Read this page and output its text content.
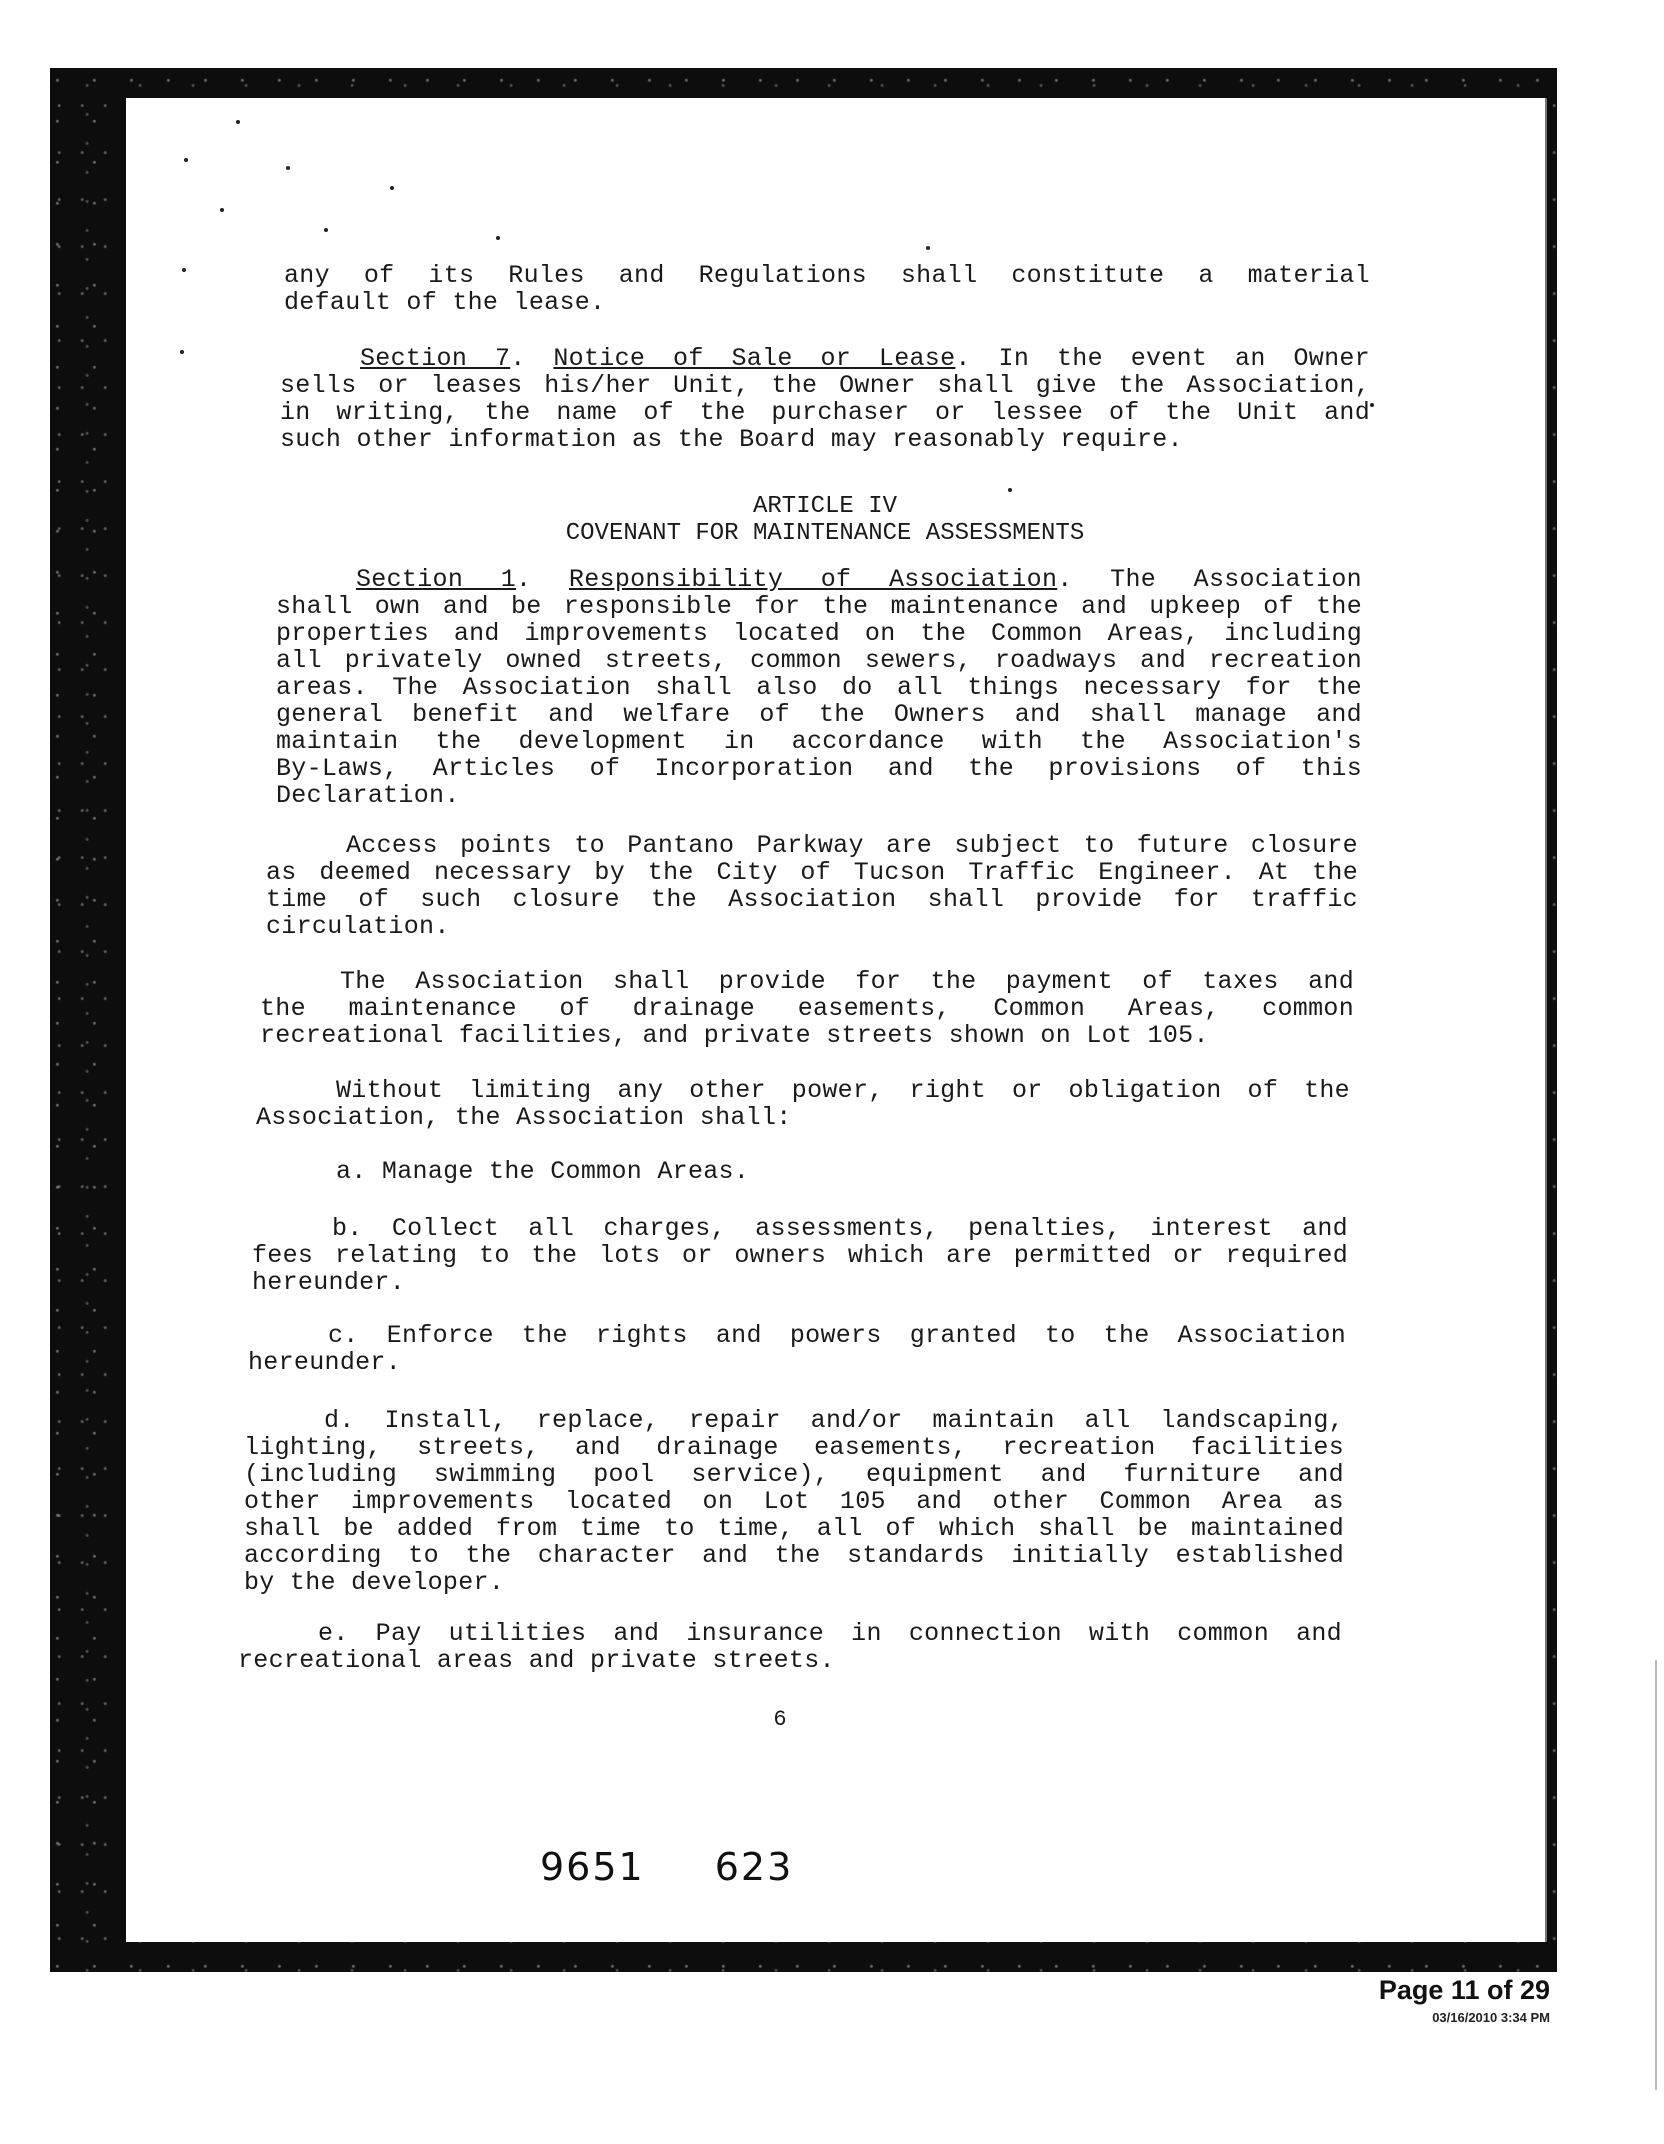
any of its Rules and Regulations shall constitute a material
default of the lease.
Section 7. Notice of Sale or Lease. In the event an Owner
sells or leases his/her Unit, the Owner shall give the Association,
in writing, the name of the purchaser or lessee of the Unit and
such other information as the Board may reasonably require.
ARTICLE IV
COVENANT FOR MAINTENANCE ASSESSMENTS
Section 1. Responsibility of Association. The Association
shall own and be responsible for the maintenance and upkeep of the
properties and improvements located on the Common Areas, including
all privately owned streets, common sewers, roadways and recreation
areas. The Association shall also do all things necessary for the
general benefit and welfare of the Owners and shall manage and
maintain the development in accordance with the Association's
By-Laws, Articles of Incorporation and the provisions of this
Declaration.
Access points to Pantano Parkway are subject to future closure
as deemed necessary by the City of Tucson Traffic Engineer. At the
time of such closure the Association shall provide for traffic
circulation.
The Association shall provide for the payment of taxes and
the maintenance of drainage easements, Common Areas, common
recreational facilities, and private streets shown on Lot 105.
Without limiting any other power, right or obligation of the
Association, the Association shall:
a. Manage the Common Areas.
b. Collect all charges, assessments, penalties, interest and
fees relating to the lots or owners which are permitted or required
hereunder.
c. Enforce the rights and powers granted to the Association
hereunder.
d. Install, replace, repair and/or maintain all landscaping,
lighting, streets, and drainage easements, recreation facilities
(including swimming pool service), equipment and furniture and
other improvements located on Lot 105 and other Common Area as
shall be added from time to time, all of which shall be maintained
according to the character and the standards initially established
by the developer.
e. Pay utilities and insurance in connection with common and
recreational areas and private streets.
6
9651 623
Page 11 of 29
03/16/2010 3:34 PM
